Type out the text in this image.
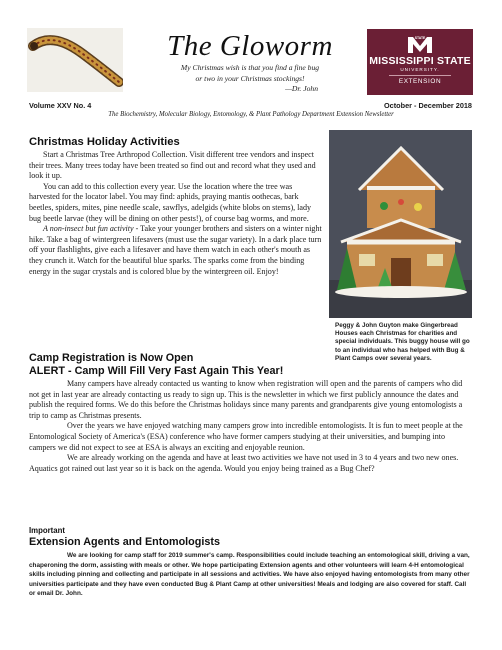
The Gloworm
My Christmas wish is that you find a fine bug
or two in your Christmas stockings!
—Dr. John
STATE
MISSISSIPPI STATE
UNIVERSITY.
EXTENSION
Volume XXV No. 4	October - December 2018
The Biochemistry, Molecular Biology, Entomology, & Plant Pathology Department Extension Newsletter
Christmas Holiday Activities

Start a Christmas Tree Arthropod Collection. Visit different tree vendors and inspect their trees. Many trees today have been treated so find out and record what they used and look it up.

You can add to this collection every year. Use the location where the tree was harvested for the locator label. You may find: aphids, praying mantis oothecas, bark beetles, spiders, mites, pine needle scale, sawflys, adelgids (white blobs on stems), lady bug beetle larvae (they will be dining on other pests!), of course bag worms, and more.

A non-insect but fun activity - Take your younger brothers and sisters on a winter night hike. Take a bag of wintergreen lifesavers (must use the sugar variety). In a dark place turn off your flashlights, give each a lifesaver and have them watch in each other's mouth as they crunch it. Watch for the beautiful blue sparks. The sparks come from the binding energy in the sugar crystals and is colored blue by the wintergreen oil. Enjoy!

Peggy & John Guyton make Gingerbread Houses each Christmas for charities and special individuals. This buggy house will go to an individual who has helped with Bug & Plant Camps over several years.
Camp Registration is Now Open
ALERT - Camp Will Fill Very Fast Again This Year!

Many campers have already contacted us wanting to know when registration will open and the parents of campers who did not get in last year are already contacting us ready to sign up. This is the newsletter in which we first publicly announce the dates and publish the required forms. We do this before the Christmas holidays since many parents and grandparents give young entomologists a trip to camp as Christmas presents.

Over the years we have enjoyed watching many campers grow into incredible entomologists. It is fun to meet people at the Entomological Society of America's (ESA) conference who have former campers studying at their universities, and bumping into campers we did not expect to see at ESA is always an exciting and enjoyable reunion.

We are already working on the agenda and have at least two activities we have not used in 3 to 4 years and two new ones. Aquatics got rained out last year so it is back on the agenda. Would you enjoy being trained as a Bug Chef?

Important
Extension Agents and Entomologists
We are looking for camp staff for 2019 summer's camp. Responsibilities could include teaching an entomological skill, driving a van, chaperoning the dorm, assisting with meals or other. We hope participating Extension agents and other volunteers will learn 4-H entomological skills including pinning and collecting and participate in all sessions and activities. We have also enjoyed having entomologists from many other universities participate and they have even conducted Bug & Plant Camp at other universities! Meals and lodging are also covered for staff. Call or email Dr. John.
